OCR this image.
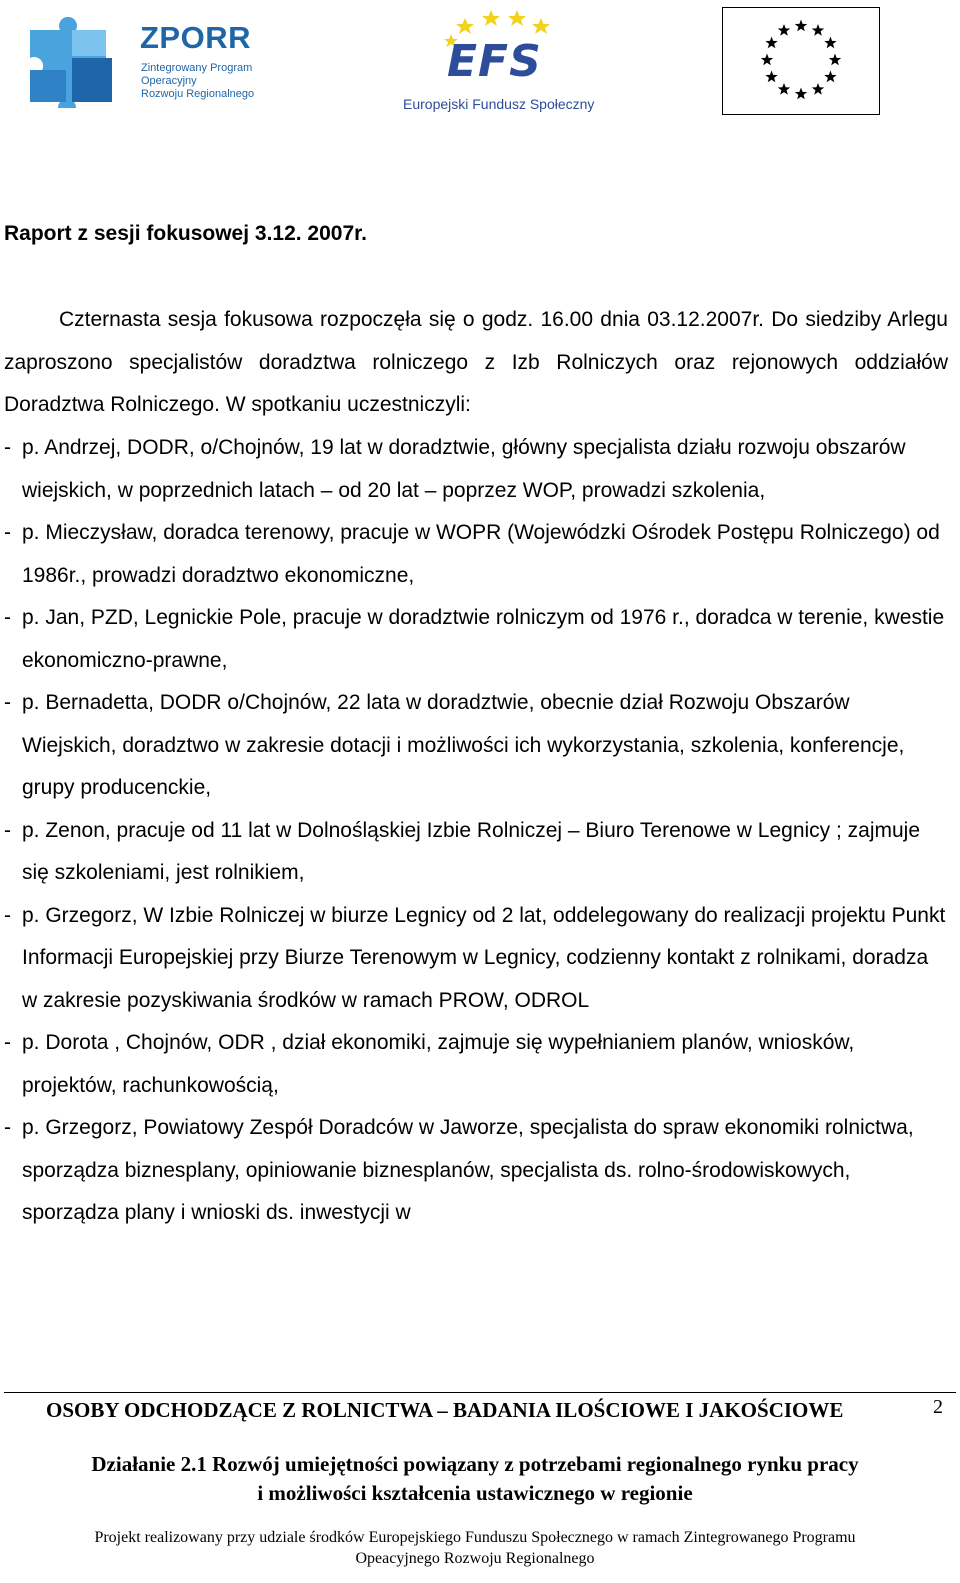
ZPORR

Zintegrowany Program
Operacyjny
Rozwoju Regionalnego

Europejski Fundusz Społeczny

EFS
Raport z sesji fokusowej 3.12. 2007r.

Czternasta sesja fokusowa rozpoczęła się o godz. 16.00 dnia 03.12.2007r. Do siedziby Arlegu zaproszono specjalistów doradztwa rolniczego z Izb Rolniczych oraz rejonowych oddziałów Doradztwa Rolniczego. W spotkaniu uczestniczyli:

- p. Andrzej, DODR, o/Chojnów, 19 lat w doradztwie, główny specjalista działu rozwoju obszarów wiejskich, w poprzednich latach – od 20 lat – poprzez WOP, prowadzi szkolenia,
- p. Mieczysław, doradca terenowy, pracuje w WOPR (Wojewódzki Ośrodek Postępu Rolniczego) od 1986r., prowadzi doradztwo ekonomiczne,
- p. Jan, PZD, Legnickie Pole, pracuje w doradztwie rolniczym od 1976 r., doradca w terenie, kwestie ekonomiczno-prawne,
- p. Bernadetta, DODR o/Chojnów, 22 lata w doradztwie, obecnie dział Rozwoju Obszarów Wiejskich, doradztwo w zakresie dotacji i możliwości ich wykorzystania, szkolenia, konferencje, grupy producenckie,
- p. Zenon, pracuje od 11 lat w Dolnośląskiej Izbie Rolniczej – Biuro Terenowe w Legnicy ; zajmuje się szkoleniami, jest rolnikiem,
- p. Grzegorz, W Izbie Rolniczej w biurze Legnicy od 2 lat, oddelegowany do realizacji projektu Punkt Informacji Europejskiej przy Biurze Terenowym w Legnicy, codzienny kontakt z rolnikami, doradza w zakresie pozyskiwania środków w ramach PROW, ODROL
- p. Dorota , Chojnów, ODR , dział ekonomiki, zajmuje się wypełnianiem planów, wniosków, projektów, rachunkowością,
- p. Grzegorz, Powiatowy Zespół Doradców w Jaworze, specjalista do spraw ekonomiki rolnictwa, sporządza biznesplany, opiniowanie biznesplanów, specjalista ds. rolno-środowiskowych, sporządza plany i wnioski ds. inwestycji w

OSOBY ODCHODZĄCE Z ROLNICTWA – BADANIA ILOŚCIOWE I JAKOŚCIOWE	2

Działanie 2.1 Rozwój umiejętności powiązany z potrzebami regionalnego rynku pracy
i możliwości kształcenia ustawicznego w regionie

Projekt realizowany przy udziale środków Europejskiego Funduszu Społecznego w ramach Zintegrowanego Programu
Opeacyjnego Rozwoju Regionalnego
